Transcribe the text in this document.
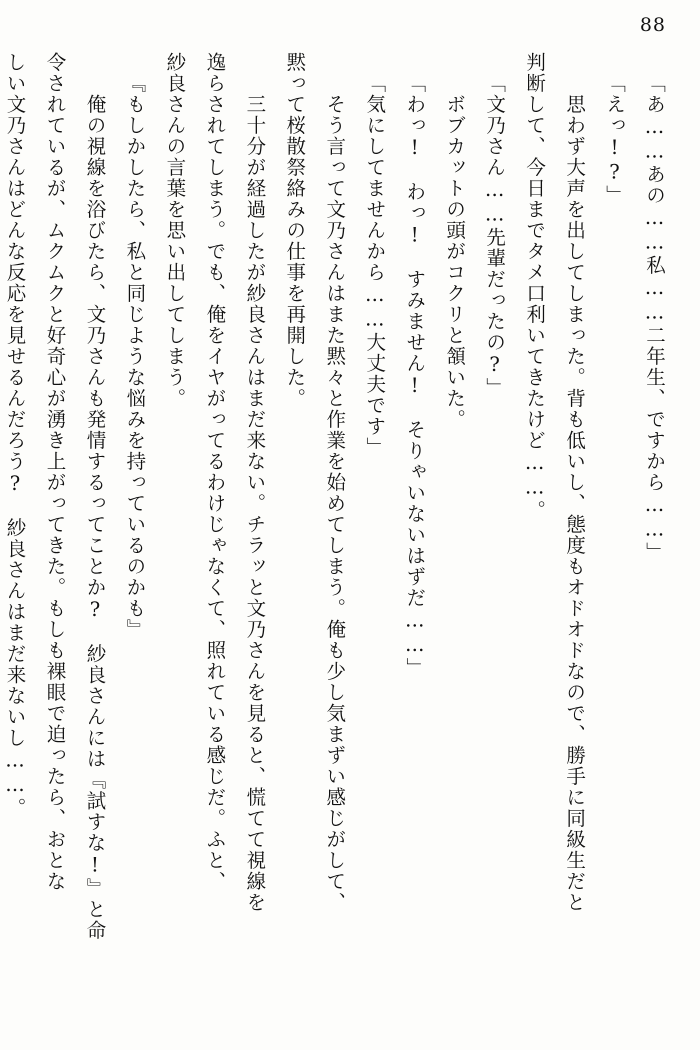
88
「あ……あの……私……二年生、ですから……」
「えっ!?」
　思わず大声を出してしまった。背も低いし、態度もオドオドなので、勝手に同級生だと
判断して、今日までタメ口利いてきたけど……。
「文乃さん……先輩だったの?」
　ボブカットの頭がコクリと頷いた。
「わっ!　わっ!　すみません!　そりゃいないはずだ……」
「気にしてませんから……大丈夫です」
　そう言って文乃さんはまた黙々と作業を始めてしまう。俺も少し気まずい感じがして、
黙って桜散祭絡みの仕事を再開した。
　三十分が経過したが紗良さんはまだ来ない。チラッと文乃さんを見ると、慌てて視線を
逸らされてしまう。でも、俺をイヤがってるわけじゃなくて、照れている感じだ。ふと、
紗良さんの言葉を思い出してしまう。
『もしかしたら、私と同じような悩みを持っているのかも』
　俺の視線を浴びたら、文乃さんも発情するってことか?　紗良さんには『試すな!』と命
令されているが、ムクムクと好奇心が湧き上がってきた。もしも裸眼で迫ったら、おとな
しい文乃さんはどんな反応を見せるんだろう?　紗良さんはまだ来ないし……。
